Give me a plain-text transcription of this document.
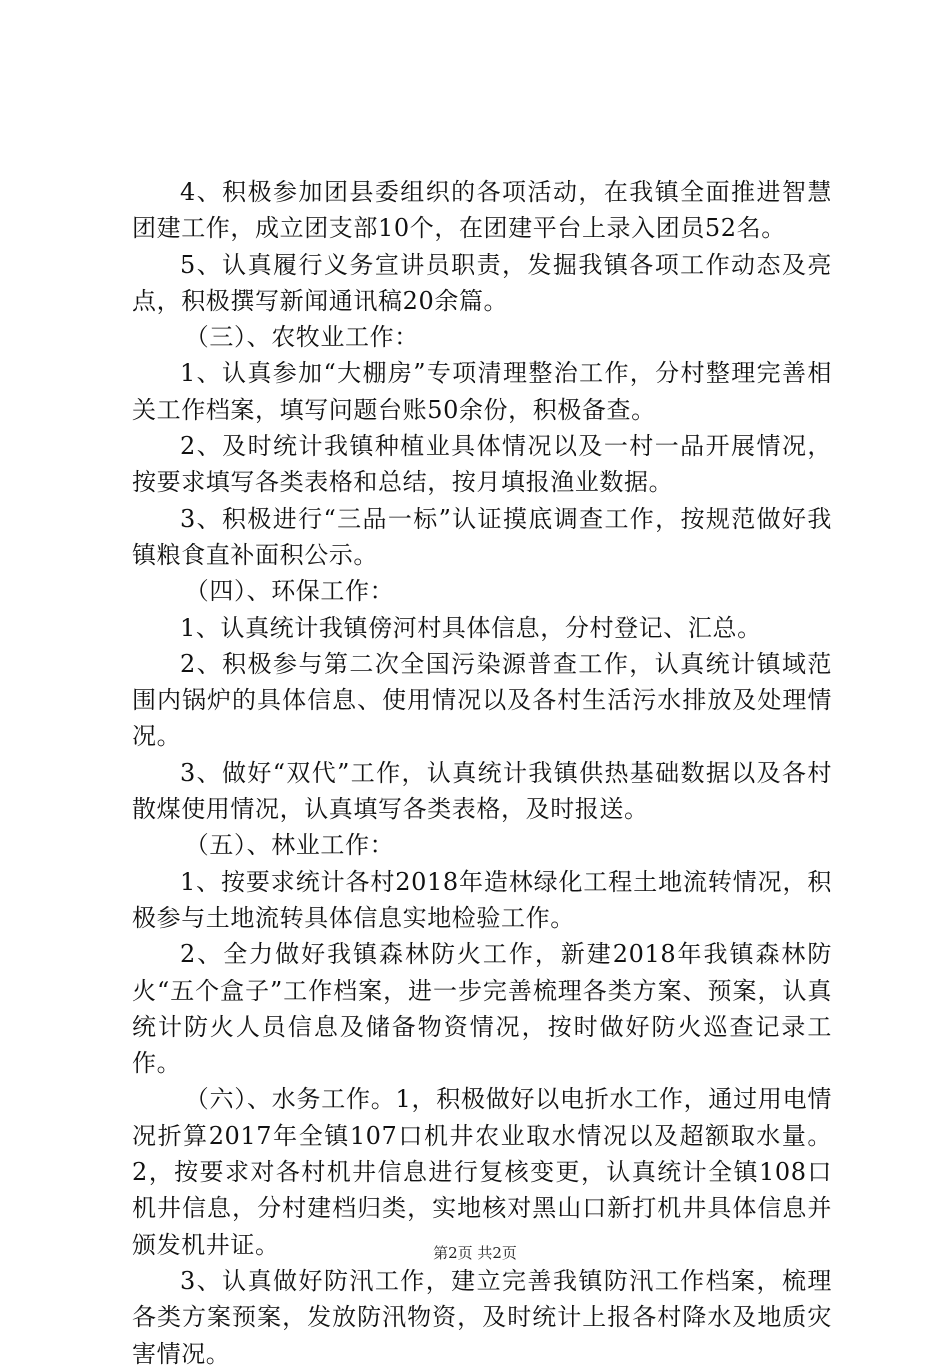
4、积极参加团县委组织的各项活动，在我镇全面推进智慧团建工作，成立团支部10个，在团建平台上录入团员52名。

5、认真履行义务宣讲员职责，发掘我镇各项工作动态及亮点，积极撰写新闻通讯稿20余篇。

（三）、农牧业工作：

1、认真参加“大棚房”专项清理整治工作，分村整理完善相关工作档案，填写问题台账50余份，积极备查。

2、及时统计我镇种植业具体情况以及一村一品开展情况，按要求填写各类表格和总结，按月填报渔业数据。

3、积极进行“三品一标”认证摸底调查工作，按规范做好我镇粮食直补面积公示。

（四）、环保工作：

1、认真统计我镇傍河村具体信息，分村登记、汇总。

2、积极参与第二次全国污染源普查工作，认真统计镇域范围内锅炉的具体信息、使用情况以及各村生活污水排放及处理情况。

3、做好“双代”工作，认真统计我镇供热基础数据以及各村散煤使用情况，认真填写各类表格，及时报送。

（五）、林业工作：

1、按要求统计各村2018年造林绿化工程土地流转情况，积极参与土地流转具体信息实地检验工作。

2、全力做好我镇森林防火工作，新建2018年我镇森林防火“五个盒子”工作档案，进一步完善梳理各类方案、预案，认真统计防火人员信息及储备物资情况，按时做好防火巡查记录工作。

（六）、水务工作。1，积极做好以电折水工作，通过用电情况折算2017年全镇107口机井农业取水情况以及超额取水量。2，按要求对各村机井信息进行复核变更，认真统计全镇108口机井信息，分村建档归类，实地核对黑山口新打机井具体信息并颁发机井证。

3、认真做好防汛工作，建立完善我镇防汛工作档案，梳理各类方案预案，发放防汛物资，及时统计上报各村降水及地质灾害情况。

第2页 共2页
